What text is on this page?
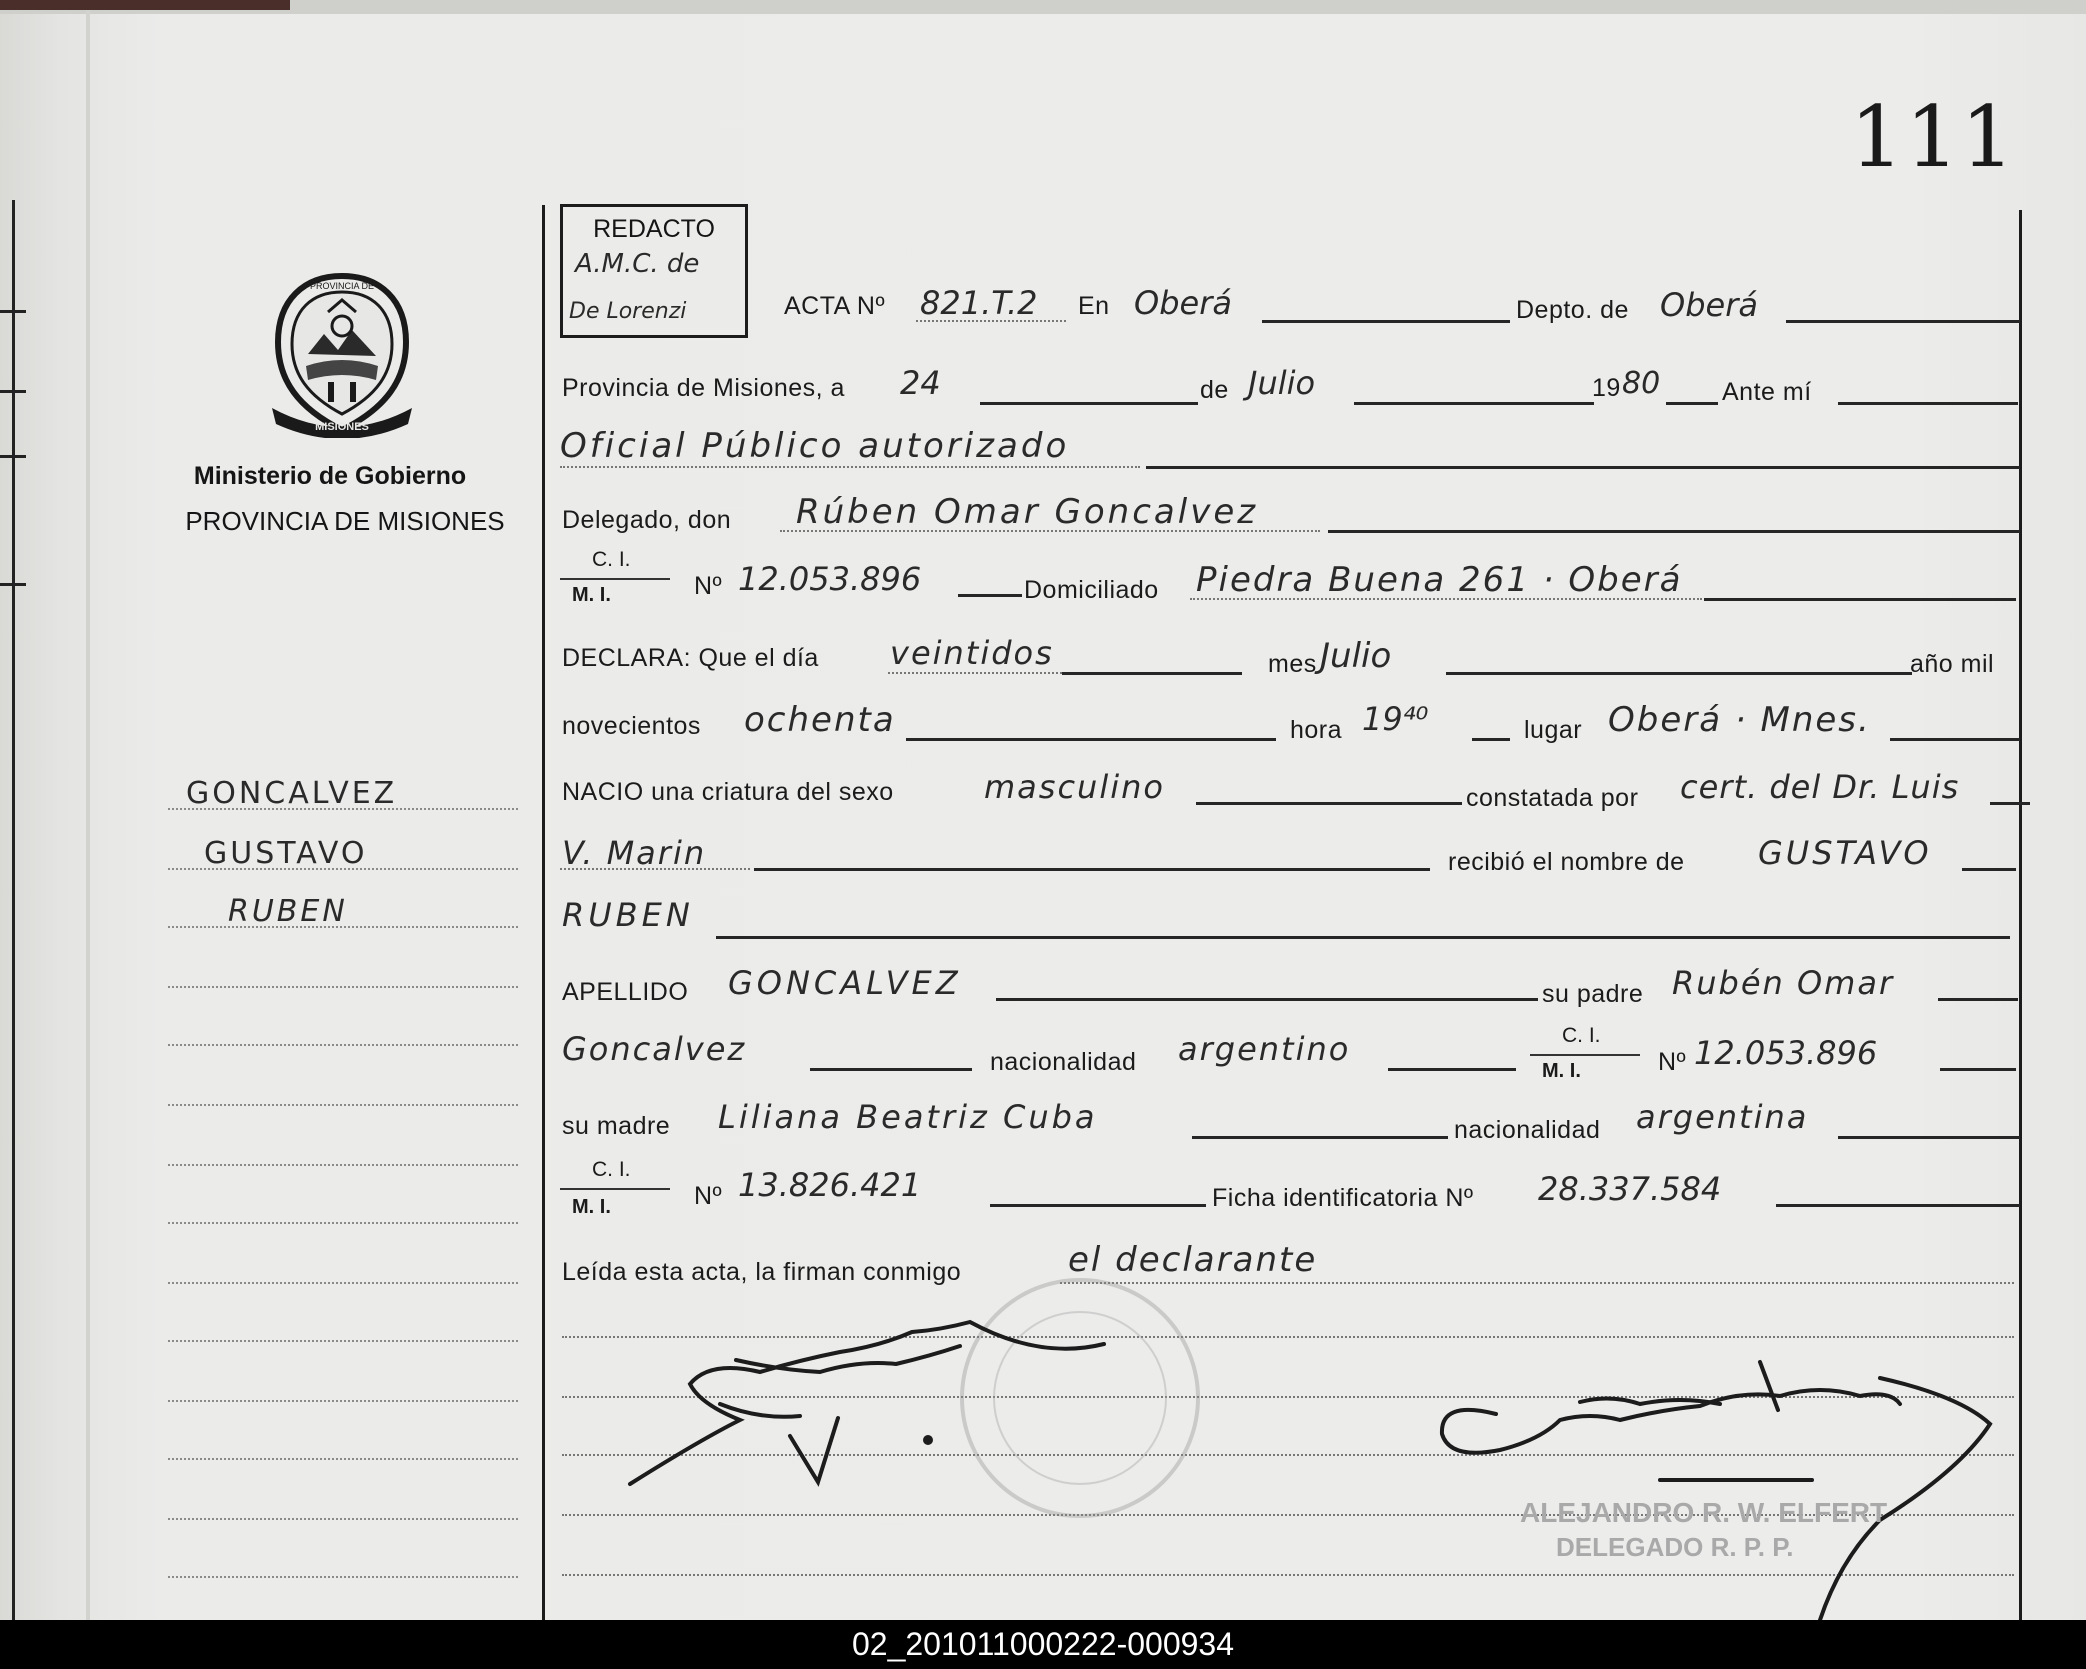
111
MISIONES
PROVINCIA DE
Ministerio de Gobierno
PROVINCIA DE MISIONES
REDACTO
A.M.C. de
De Lorenzi	ACTA Nº 821.T.2 En Oberá	Depto. de Oberá
Provincia de Misiones, a 24	de Julio	19 80 Ante mí
Oficial Público autorizado
Delegado, don Rúben Omar Goncalvez
C. I.
M. I.	Nº 12.053.896	Domiciliado Piedra Buena 261 · Oberá
DECLARA: Que el día veintidos	mes Julio	año mil
novecientos ochenta	hora 19⁴⁰	lugar Oberá · Mnes.
NACIO una criatura del sexo	masculino	constatada por cert. del Dr. Luis
V. Marin	recibió el nombre de GUSTAVO
RUBEN
APELLIDO GONCALVEZ	su padre Rubén Omar
Goncalvez	nacionalidad argentino	C. I.
M. I.	Nº 12.053.896
su madre Liliana Beatriz Cuba	nacionalidad argentina
C. I.
M. I.	Nº 13.826.421	Ficha identificatoria Nº 28.337.584
Leída esta acta, la firman conmigo	el declarante
GONCALVEZ
GUSTAVO
RUBEN
ALEJANDRO R. W. ELFERT
DELEGADO R. P. P.
02_201011000222-000934
